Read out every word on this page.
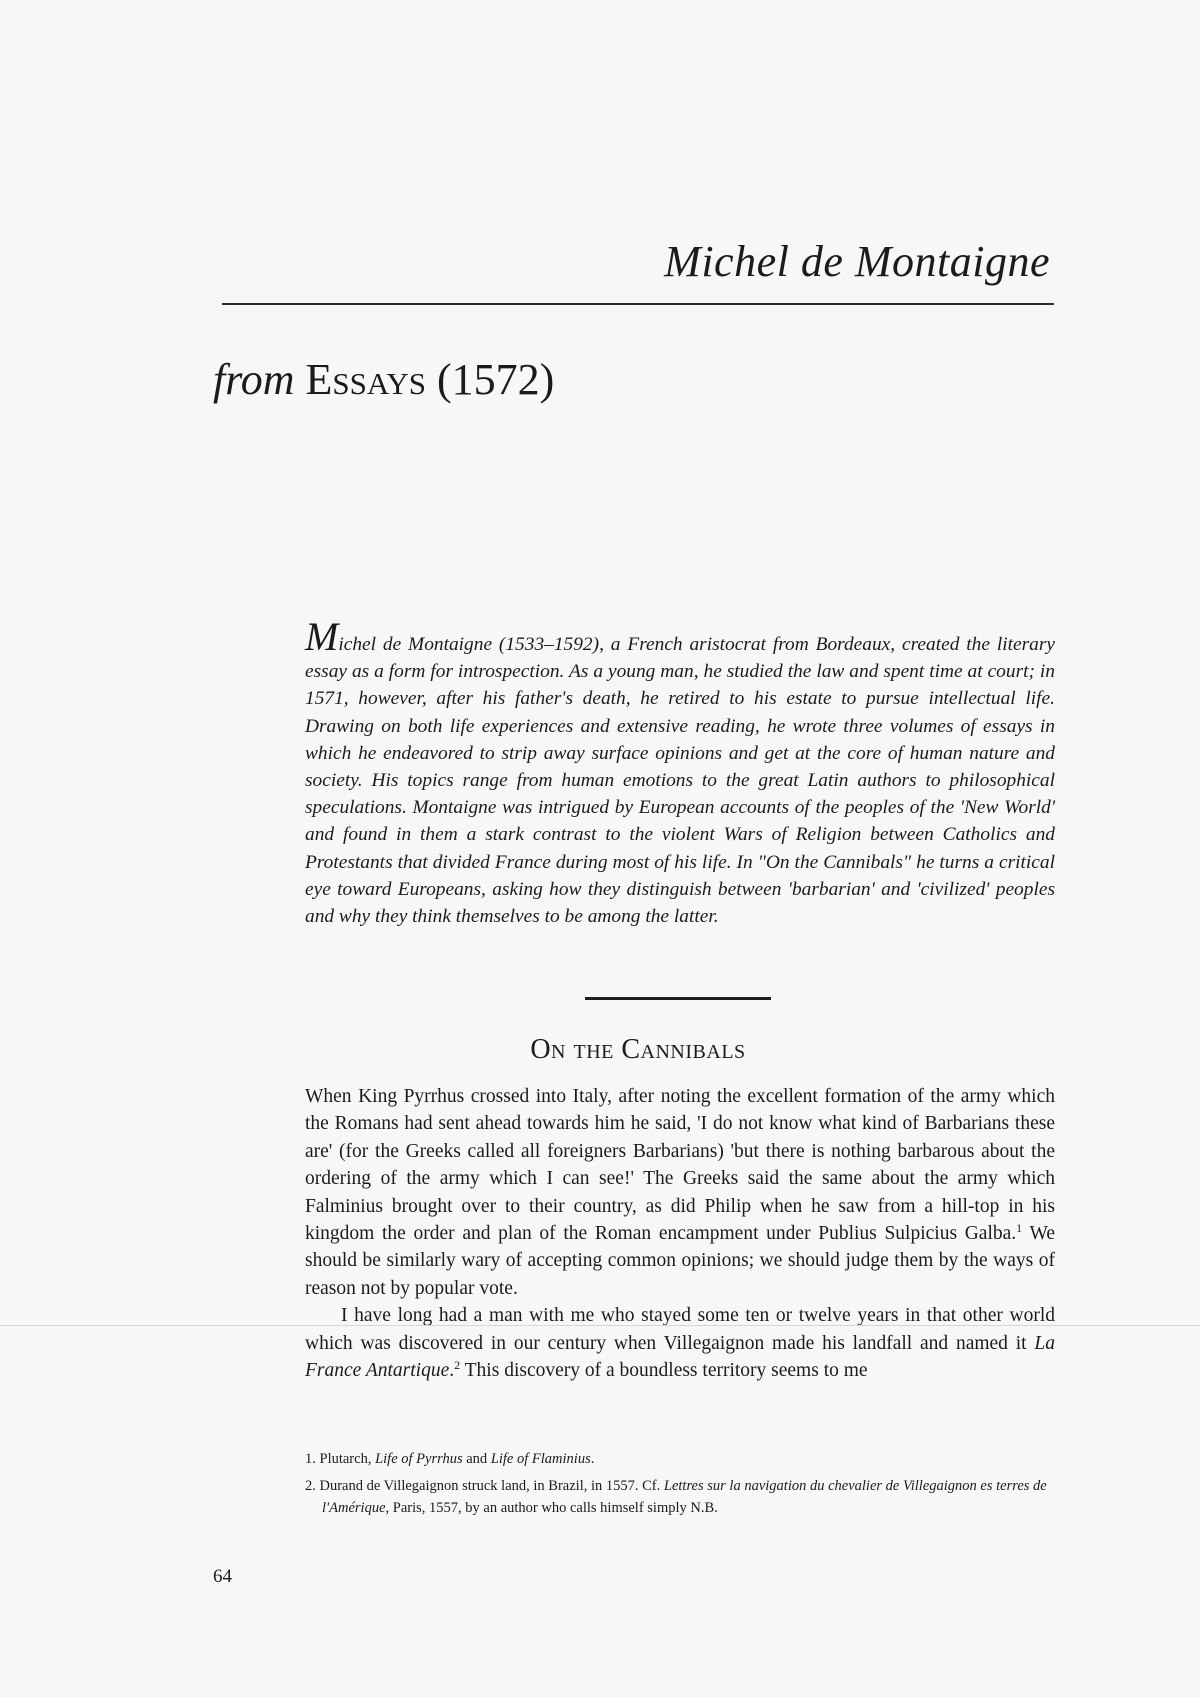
Michel de Montaigne
from Essays (1572)
Michel de Montaigne (1533–1592), a French aristocrat from Bordeaux, created the literary essay as a form for introspection. As a young man, he studied the law and spent time at court; in 1571, however, after his father's death, he retired to his estate to pursue intellectual life. Drawing on both life experiences and extensive reading, he wrote three volumes of essays in which he endeavored to strip away surface opinions and get at the core of human nature and society. His topics range from human emotions to the great Latin authors to philosophical speculations. Montaigne was intrigued by European accounts of the peoples of the 'New World' and found in them a stark contrast to the violent Wars of Religion between Catholics and Protestants that divided France during most of his life. In "On the Cannibals" he turns a critical eye toward Europeans, asking how they distinguish between 'barbarian' and 'civilized' peoples and why they think themselves to be among the latter.
On the Cannibals

When King Pyrrhus crossed into Italy, after noting the excellent formation of the army which the Romans had sent ahead towards him he said, 'I do not know what kind of Barbarians these are' (for the Greeks called all foreigners Barbarians) 'but there is nothing barbarous about the ordering of the army which I can see!' The Greeks said the same about the army which Falminius brought over to their country, as did Philip when he saw from a hill-top in his kingdom the order and plan of the Roman encampment under Publius Sulpicius Galba.$^1$ We should be similarly wary of accepting common opinions; we should judge them by the ways of reason not by popular vote.

I have long had a man with me who stayed some ten or twelve years in that other world which was discovered in our century when Villegaignon made his landfall and named it La France Antartique.$^2$ This discovery of a boundless territory seems to me

1. Plutarch, Life of Pyrrhus and Life of Flaminius.
2. Durand de Villegaignon struck land, in Brazil, in 1557. Cf. Lettres sur la navigation du chevalier de Villegaignon es terres de l'Amérique, Paris, 1557, by an author who calls himself simply N.B.
64
